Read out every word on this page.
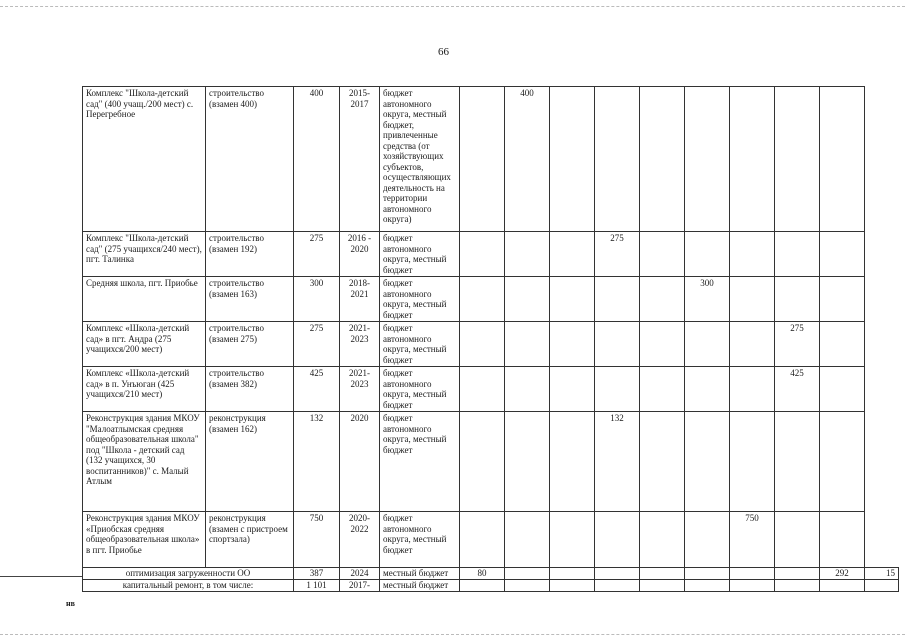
66
Комплекс "Школа-детский сад" (400 учащ./200 мест) с. Перегребное	строительство (взамен 400)	400	2015-2017	бюджет автономного округа, местный бюджет, привлеченные средства (от хозяйствующих субъектов, осуществляющих деятельность на территории автономного округа)		400								
Комплекс "Школа-детский сад" (275 учащихся/240 мест), пгт. Талинка	строительство (взамен 192)	275	2016 - 2020	бюджет автономного округа, местный бюджет				275						
Средняя школа, пгт. Приобье	строительство (взамен 163)	300	2018-2021	бюджет автономного округа, местный бюджет						300				
Комплекс «Школа-детский сад» в пгт. Андра (275 учащихся/200 мест)	строительство (взамен 275)	275	2021-2023	бюджет автономного округа, местный бюджет								275		
Комплекс «Школа-детский сад» в п. Унъюган (425 учащихся/210 мест)	строительство (взамен 382)	425	2021-2023	бюджет автономного округа, местный бюджет								425		
Реконструкция здания МКОУ "Малоатлымская средняя общеобразовательная школа" под "Школа - детский сад (132 учащихся, 30 воспитанников)" с. Малый Атлым	реконструкция (взамен 162)	132	2020	бюджет автономного округа, местный бюджет				132						
Реконструкция здания МКОУ «Приобская средняя общеобразовательная школа» в пгт. Приобье	реконструкция (взамен с пристроем спортзала)	750	2020-2022	бюджет автономного округа, местный бюджет							750			
оптимизация загруженности ОО		387	2024	местный бюджет	80								292	15
капитальный ремонт, в том числе:		1 101	2017-	местный бюджет										
нв
